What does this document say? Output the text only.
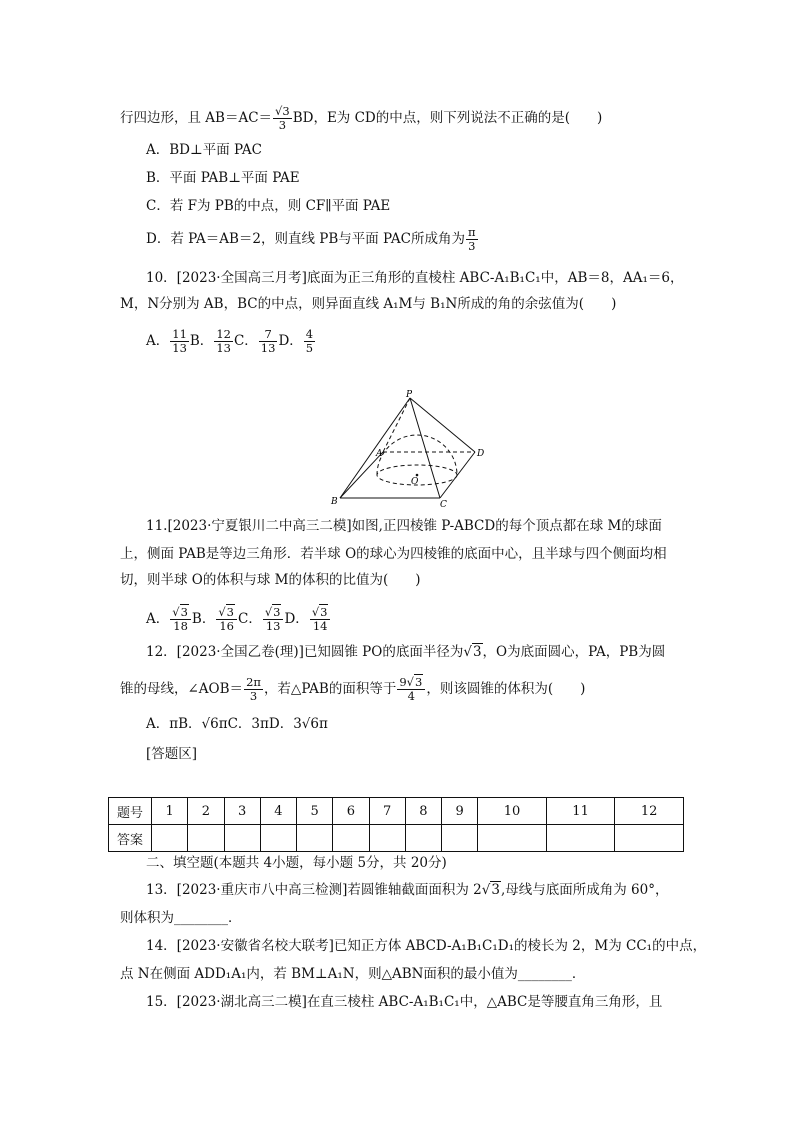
行四边形，且 $AB=AC= \frac{√3}{3}$ BD，E为 CD的中点，则下列说法不正确的是(　　)
A．BD⊥平面 PAC
B．平面 PAB⊥平面 PAE
C．若 F为 PB的中点，则 CF∥平面 PAE
D．若 PA＝AB＝2，则直线 PB与平面 PAC所成角为 $\frac{\pi}{3}$
10．[2023·全国高三月考]底面为正三角形的直棱柱 ABC-A₁B₁C₁中，AB＝8，AA₁＝6，
M，N分别为 AB，BC的中点，则异面直线 A₁M与 B₁N所成的角的余弦值为(　　)
A． $\frac{11}{13}$ B． $\frac{12}{13}$ C． $\frac{7}{13}$ D． $\frac{4}{5}$
P
A
B	C
D
O
11.[2023·宁夏银川二中高三二模]如图,正四棱锥 P-ABCD的每个顶点都在球 M的球面
上，侧面 PAB是等边三角形．若半球 O的球心为四棱锥的底面中心，且半球与四个侧面均相
切，则半球 O的体积与球 M的体积的比值为(　　)
A． $\frac{√3}{18}$ B． $\frac{√3}{16}$ C． $\frac{√3}{13}$ D． $\frac{√3}{14}$
12．[2023·全国乙卷(理)]已知圆锥 PO的底面半径为√3，O为底面圆心，PA，PB为圆
锥的母线，∠AOB＝ $\frac{2\pi}{3}$ ，若△PAB的面积等于 $\frac{9√3}{4}$ ，则该圆锥的体积为(　　)
A．πB．√6πC．3πD．3√6π
[答题区]
题号	1	2	3	4	5	6	7	8	9	10	11	12
答案												
二、填空题(本题共 4小题，每小题 5分，共 20分)
13．[2023·重庆市八中高三检测]若圆锥轴截面面积为 2√3,母线与底面所成角为 60°，
则体积为________．
14．[2023·安徽省名校大联考]已知正方体 ABCD-A₁B₁C₁D₁的棱长为 2，M为 CC₁的中点，
点 N在侧面 ADD₁A₁内，若 BM⊥A₁N，则△ABN面积的最小值为________．
15．[2023·湖北高三二模]在直三棱柱 ABC-A₁B₁C₁中，△ABC是等腰直角三角形，且
